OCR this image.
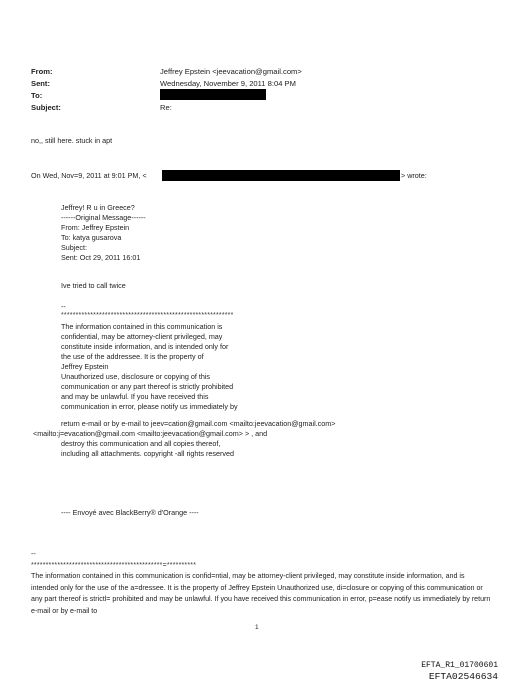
From:	Jeffrey Epstein <jeevacation@gmail.com>
Sent:	Wednesday, November 9, 2011 8:04 PM
To:
Subject:	Re:
no,, still here. stuck in apt
On Wed, Nov=9, 2011 at 9:01 PM, <	> wrote:
Jeffrey! R u in Greece?
------Original Message------
From: Jeffrey Epstein
To: katya gusarova
Subject:
Sent: Oct 29, 2011 16:01
Ive tried to call twice
--
***********************************************************
The information contained in this communication is
confidential, may be attorney-client privileged, may
constitute inside information, and is intended only for
the use of the addressee. It is the property of
Jeffrey Epstein
Unauthorized use, disclosure or copying of this
communication or any part thereof is strictly prohibited
and may be unlawful. If you have received this
communication in error, please notify us immediately by
return e-mail or by e-mail to jeev=cation@gmail.com <mailto:jeevacation@gmail.com>
<mailto:j=evacation@gmail.com <mailto:jeevacation@gmail.com> > , and
destroy this communication and all copies thereof,
including all attachments. copyright -all rights reserved
---- Envoyé avec BlackBerry® d'Orange ----
--
*********************************************=**********
The information contained in this communication is confid=ntial, may be attorney-client privileged, may constitute inside information, and is intended only for the use of the a=dressee. It is the property of Jeffrey Epstein Unauthorized use, di=closure or copying of this communication or any part thereof is strictl= prohibited and may be unlawful. If you have received this communication in error, p=ease notify us immediately by return e-mail or by e-mail to
1
EFTA_R1_01700601
EFTA02546634
